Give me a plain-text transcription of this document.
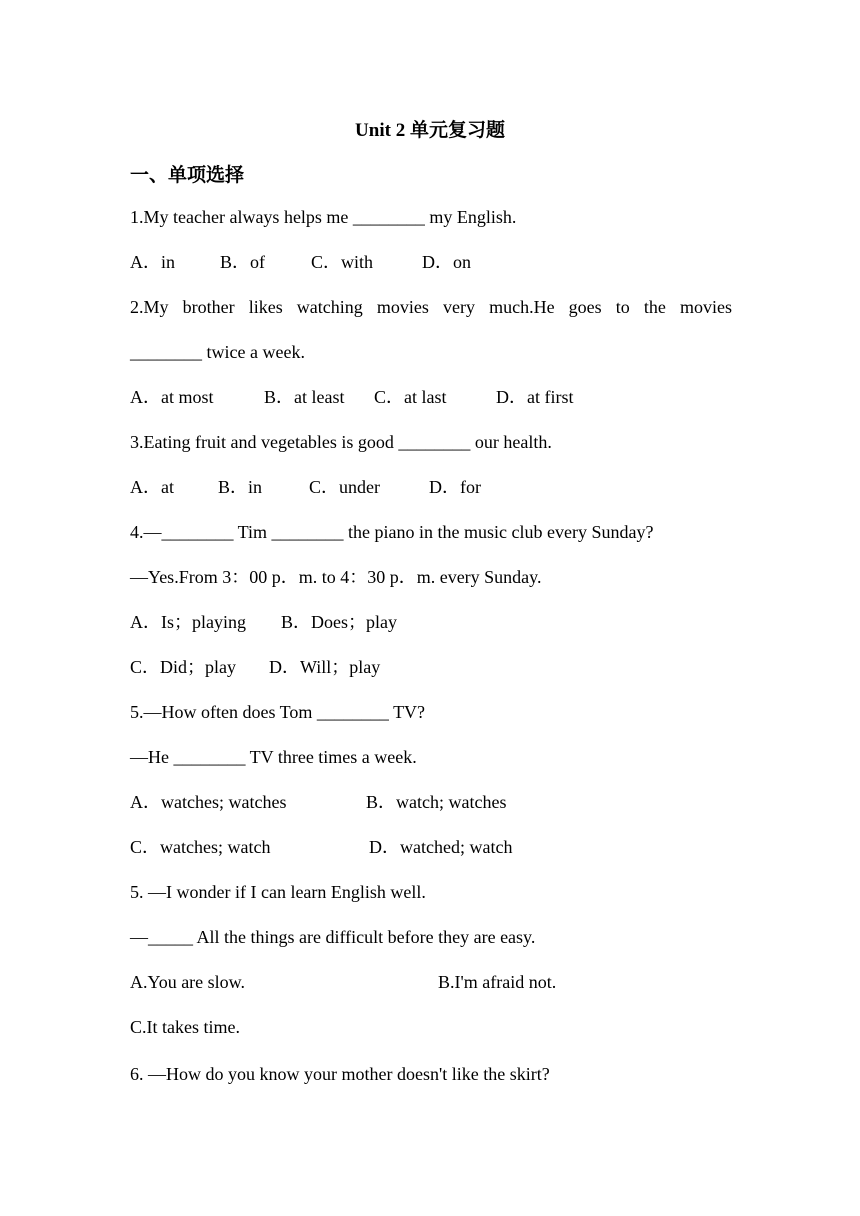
Unit 2 单元复习题
一、单项选择
1.My teacher always helps me ________ my English.
A．in	B．of	C．with	D．on
2.My brother likes watching movies very much.He goes to the movies
________ twice a week.
A．at most	B．at least C．at last	D．at first
3.Eating fruit and vegetables is good ________ our health.
A．at B．in	C．under	D．for
4.—________ Tim ________ the piano in the music club every Sunday?
—Yes.From 3：00 p．m. to 4：30 p．m. every Sunday.
A．Is；playing B．Does；play
C．Did；play D．Will；play
5.—How often does Tom ________ TV?
—He ________ TV three times a week.
A．watches; watches	B．watch; watches
C．watches; watch	D．watched; watch
5. —I wonder if I can learn English well.
—_____ All the things are difficult before they are easy.
A.You are slow.	B.I'm afraid not.
C.It takes time.
6. —How do you know your mother doesn't like the skirt?
